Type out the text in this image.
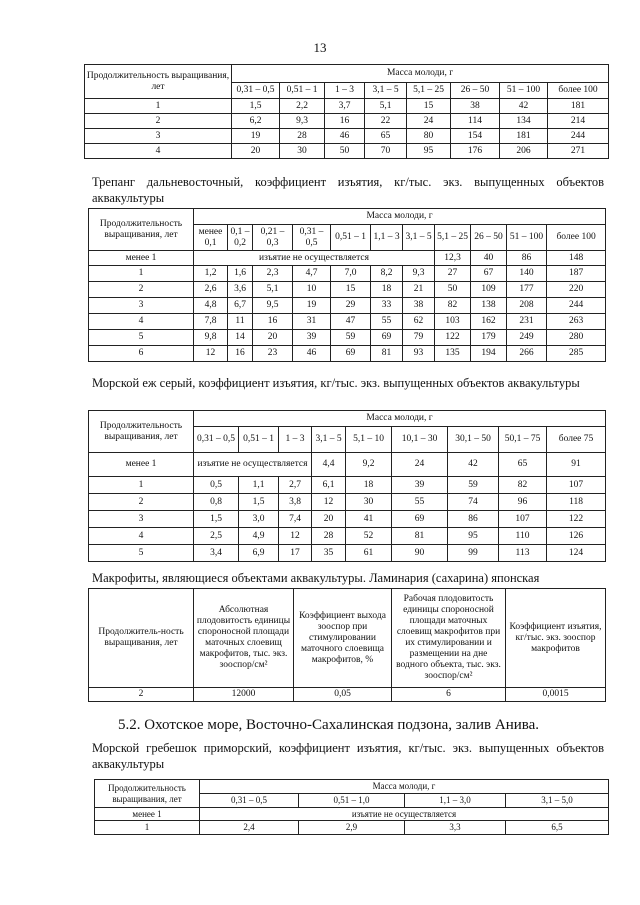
13
Продолжительность выращивания, лет	Масса молоди, г							
	0,31 – 0,5	0,51 – 1	1 – 3	3,1 – 5	5,1 – 25	26 – 50	51 – 100	более 100
1	1,5	2,2	3,7	5,1	15	38	42	181
2	6,2	9,3	16	22	24	114	134	214
3	19	28	46	65	80	154	181	244
4	20	30	50	70	95	176	206	271
Трепанг дальневосточный, коэффициент изъятия, кг/тыс. экз. выпущенных объектов аквакультуры
Продолжительность выращивания, лет	Масса молоди, г										
	менее 0,1	0,1 – 0,2	0,21 – 0,3	0,31 – 0,5	0,51 – 1	1,1 – 3	3,1 – 5	5,1 – 25	26 – 50	51 – 100	более 100
менее 1	изъятие не осуществляется							12,3	40	86	148
1	1,2	1,6	2,3	4,7	7,0	8,2	9,3	27	67	140	187
2	2,6	3,6	5,1	10	15	18	21	50	109	177	220
3	4,8	6,7	9,5	19	29	33	38	82	138	208	244
4	7,8	11	16	31	47	55	62	103	162	231	263
5	9,8	14	20	39	59	69	79	122	179	249	280
6	12	16	23	46	69	81	93	135	194	266	285
Морской еж серый, коэффициент изъятия, кг/тыс. экз. выпущенных объектов аквакультуры
Продолжительность выращивания, лет	Масса молоди, г								
	0,31 – 0,5	0,51 – 1	1 – 3	3,1 – 5	5,1 – 10	10,1 – 30	30,1 – 50	50,1 – 75	более 75
менее 1	изъятие не осуществляется			4,4	9,2	24	42	65	91
1	0,5	1,1	2,7	6,1	18	39	59	82	107
2	0,8	1,5	3,8	12	30	55	74	96	118
3	1,5	3,0	7,4	20	41	69	86	107	122
4	2,5	4,9	12	28	52	81	95	110	126
5	3,4	6,9	17	35	61	90	99	113	124
Макрофиты, являющиеся объектами аквакультуры. Ламинария (сахарина) японская
Продолжитель-ность выращивания, лет	Абсолютная плодовитость единицы спороносной площади маточных слоевищ макрофитов, тыс. экз. зооспор/см²	Коэффициент выхода зооспор при стимулировании маточного слоевища макрофитов, %	Рабочая плодовитость единицы спороносной площади маточных слоевищ макрофитов при их стимулировании и размещении на дне водного объекта, тыс. экз. зооспор/см²	Коэффициент изъятия, кг/тыс. экз. зооспор макрофитов
2	12000	0,05	6	0,0015
5.2. Охотское море, Восточно-Сахалинская подзона, залив Анива.
Морской гребешок приморский, коэффициент изъятия, кг/тыс. экз. выпущенных объектов аквакультуры
Продолжительность выращивания, лет	Масса молоди, г			
	0,31 – 0,5	0,51 – 1,0	1,1 – 3,0	3,1 – 5,0
менее 1	изъятие не осуществляется			
1	2,4	2,9	3,3	6,5
